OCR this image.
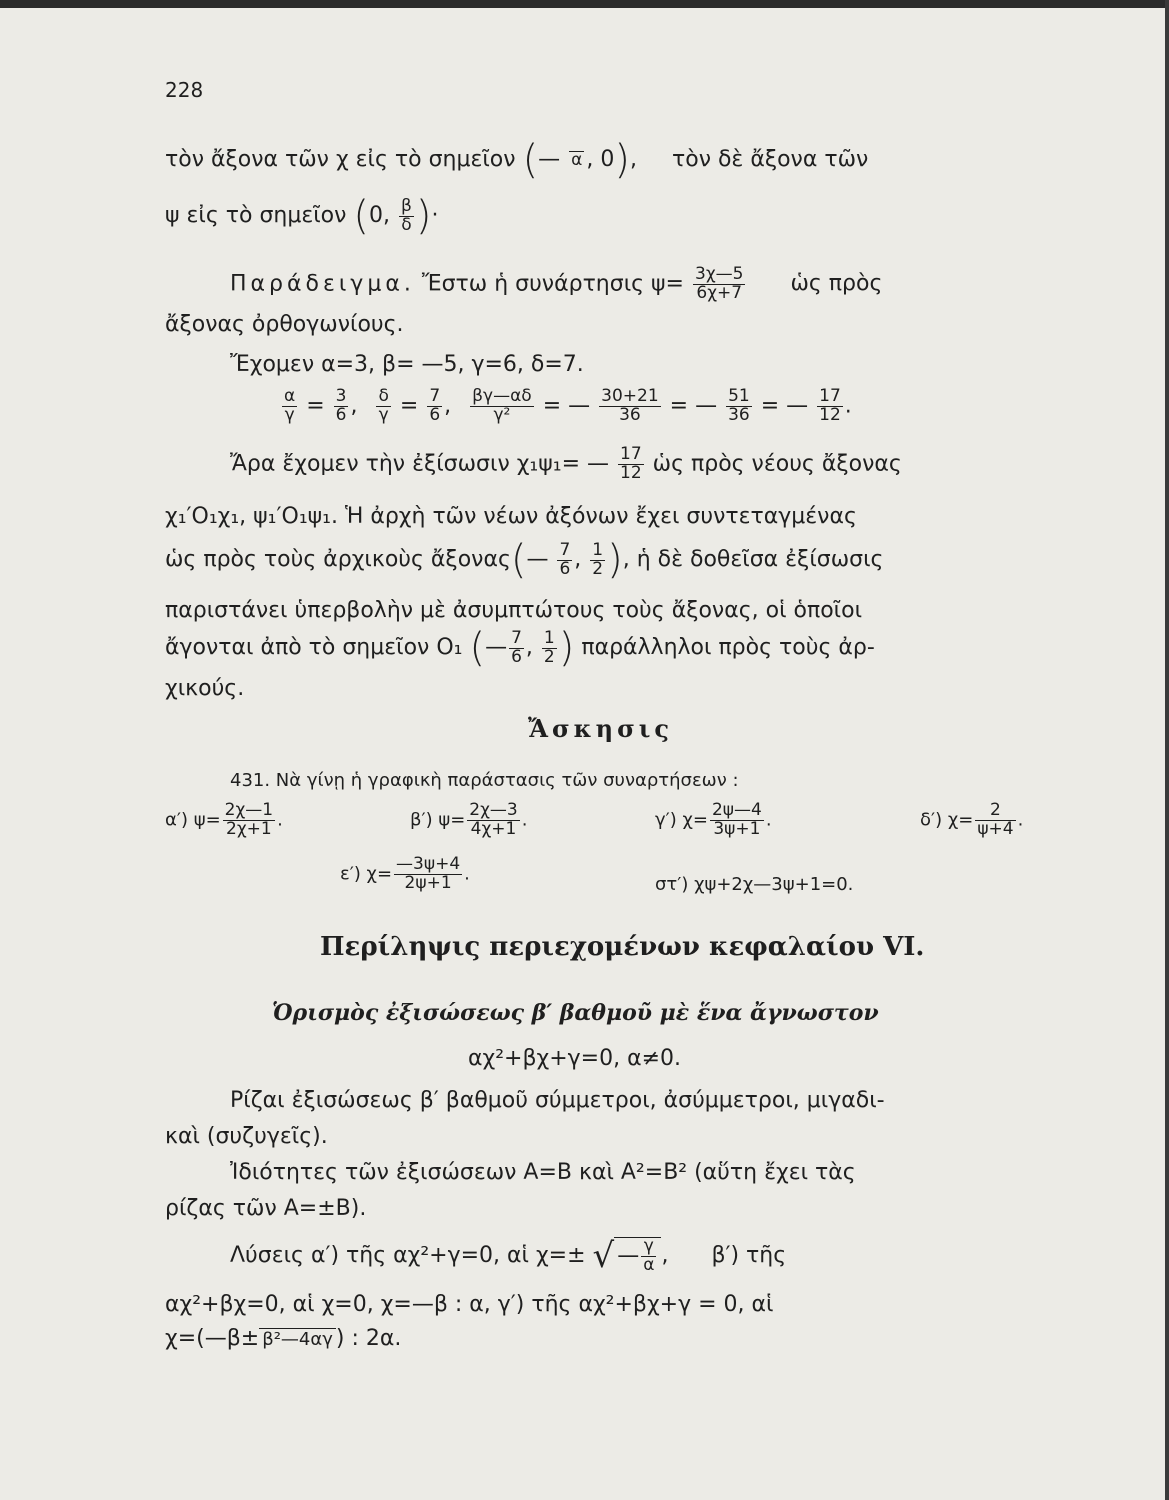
228
τὸν ἄξονα τῶν χ εἰς τὸ σημεῖον (— α , 0), τὸν δὲ ἄξονα τῶν
ψ εἰς τὸ σημεῖον (0, $\frac{\beta}{\delta}$ )·
Παράδειγμα. Ἔστω ἡ συνάρτησις $\psi= \frac{3\chi—5}{6\chi+7}$ ὡς πρὸς
ἄξονας ὀρθογωνίους.
Ἔχομεν α=3, β= —5, γ=6, δ=7.
$\frac{\alpha}{\gamma} = \frac{3}{6}$ , $\frac{\delta}{\gamma} = \frac{7}{6}$ , $\frac{\beta\gamma—\alpha\delta}{\text{γ²}}$ = — $\frac{30+21}{36}$ = — $\frac{51}{36}$ = — $\frac{17}{12}$ .
Ἄρα ἔχομεν τὴν ἐξίσωσιν χ₁ψ₁= — $\frac{17}{12}$ ὡς πρὸς νέους ἄξονας
χ₁′Ο₁χ₁, ψ₁′Ο₁ψ₁. Ἡ ἀρχὴ τῶν νέων ἀξόνων ἔχει συντεταγμένας
ὡς πρὸς τοὺς ἀρχικοὺς ἄξονας(— $\frac{7}{6}$ , $\frac{1}{2}$ ), ἡ δὲ δοθεῖσα ἐξίσωσις
παριστάνει ὑπερβολὴν μὲ ἀσυμπτώτους τοὺς ἄξονας, οἱ ὁποῖοι
ἄγονται ἀπὸ τὸ σημεῖον Ο₁ (— $\frac{7}{6}$ , $\frac{1}{2}$ ) παράλληλοι πρὸς τοὺς ἀρ-
χικούς.
Ἄσκησις
431. Νὰ γίνῃ ἡ γραφικὴ παράστασις τῶν συναρτήσεων :
α′) $\psi= \frac{2\chi—1}{2\chi+1}$ .	β′) $\psi= \frac{2\chi—3}{4\chi+1}$ .	γ′) $\chi= \frac{2\psi—4}{3\psi+1}$ .	δ′) $\chi= \frac{2}{\psi+4}$ .
ε′) $\chi= \frac{—3\psi+4}{2\psi+1}$ .
στ′) χψ+2χ—3ψ+1=0.
Περίληψις περιεχομένων κεφαλαίου VI.
Ὁρισμὸς ἐξισώσεως β′ βαθμοῦ μὲ ἕνα ἄγνωστον
αχ²+βχ+γ=0, α≠0.
Ρίζαι ἐξισώσεως β′ βαθμοῦ σύμμετροι, ἀσύμμετροι, μιγαδι-
καὶ (συζυγεῖς).
Ἰδιότητες τῶν ἐξισώσεων Α=Β καὶ Α²=Β² (αὕτη ἔχει τὰς
ρίζας τῶν Α=±Β).
Λύσεις α′) τῆς αχ²+γ=0, αἱ χ=± √ — $\frac{\gamma}{\alpha}$ , β′) τῆς
αχ²+βχ=0, αἱ χ=0, χ=—β : α, γ′) τῆς αχ²+βχ+γ = 0, αἱ
χ=(—β± β²—4αγ ) : 2α.
